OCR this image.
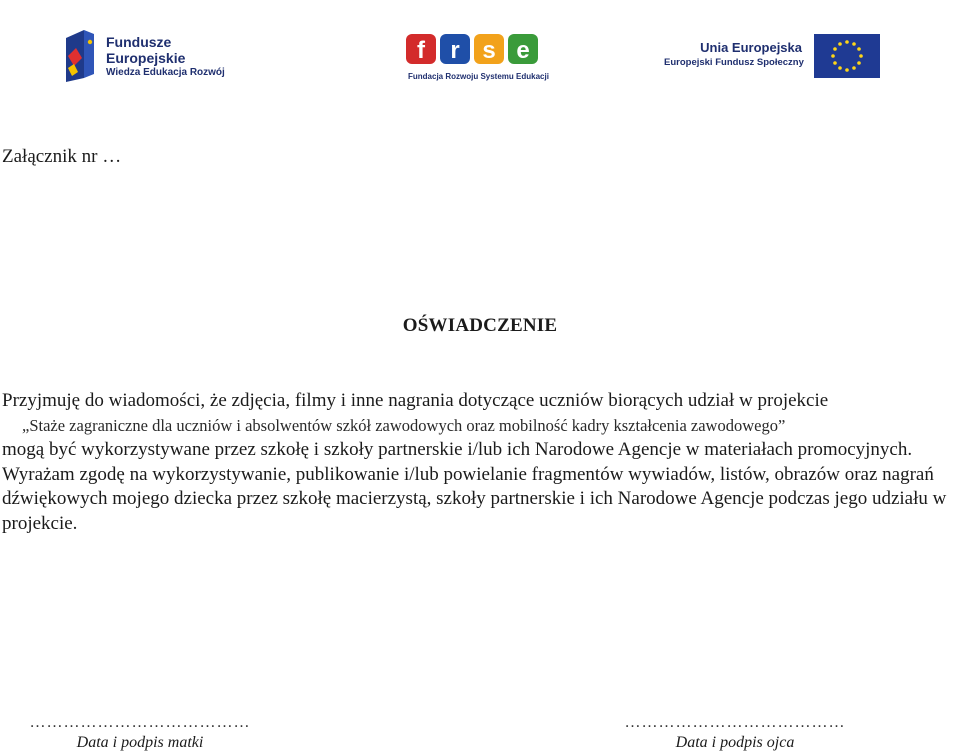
Fundusze
Europejskie
Wiedza Edukacja Rozwój
f r s e
Fundacja Rozwoju Systemu Edukacji
Unia Europejska
Europejski Fundusz Społeczny
Załącznik nr …
OŚWIADCZENIE

Przyjmuję do wiadomości, że zdjęcia, filmy i inne nagrania dotyczące uczniów biorących udział w projekcie

„Staże zagraniczne dla uczniów i absolwentów szkół zawodowych oraz mobilność kadry kształcenia zawodowego”

mogą być wykorzystywane przez szkołę i szkoły partnerskie i/lub ich Narodowe Agencje w materiałach promocyjnych.

Wyrażam zgodę na wykorzystywanie, publikowanie i/lub powielanie fragmentów wywiadów, listów, obrazów oraz nagrań dźwiękowych mojego dziecka przez szkołę macierzystą, szkoły partnerskie i ich Narodowe Agencje podczas jego udziału w projekcie.

…………………………………
Data i podpis matki
…………………………………
Data i podpis ojca
